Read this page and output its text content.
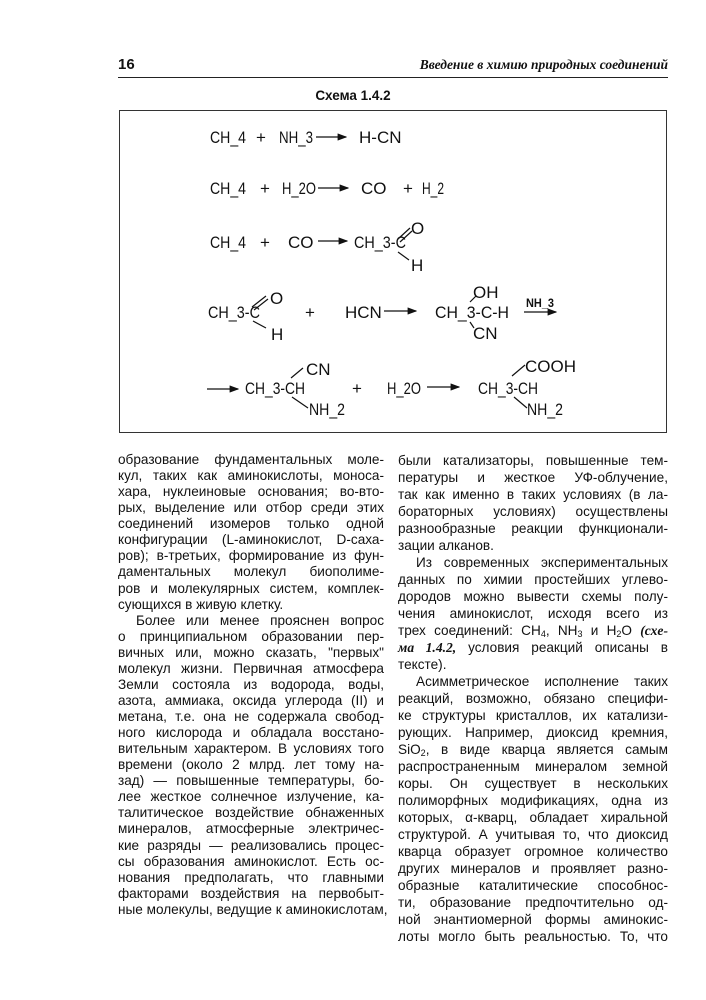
16	Введение в химию природных соединений
Схема 1.4.2
CH_4 + NH_3	H-CN
CH_4 + H_2O	CO + H_2
CH_4 + CO CH_3-C
O
H
CH_3-C
O
H
+ HCN	CH_3-C-H
OH
CN
NH_3
CH_3-CH
CN
NH_2
+ H_2O	CH_3-CH
COOH
NH_2
образование фундаментальных моле-
кул, таких как аминокислоты, моноса-
хара, нуклеиновые основания; во-вто-
рых, выделение или отбор среди этих
соединений изомеров только одной
конфигурации (L-аминокислот, D-саха-
ров); в-третьих, формирование из фун-
даментальных молекул биополиме-
ров и молекулярных систем, комплек-
сующихся в живую клетку.
Более или менее прояснен вопрос
о принципиальном образовании пер-
вичных или, можно сказать, "первых"
молекул жизни. Первичная атмосфера
Земли состояла из водорода, воды,
азота, аммиака, оксида углерода (II) и
метана, т.е. она не содержала свобод-
ного кислорода и обладала восстано-
вительным характером. В условиях того
времени (около 2 млрд. лет тому на-
зад) — повышенные температуры, бо-
лее жесткое солнечное излучение, ка-
талитическое воздействие обнаженных
минералов, атмосферные электричес-
кие разряды — реализовались процес-
сы образования аминокислот. Есть ос-
нования предполагать, что главными
факторами воздействия на первобыт-
ные молекулы, ведущие к аминокислотам,
были катализаторы, повышенные тем-
пературы и жесткое УФ-облучение,
так как именно в таких условиях (в ла-
бораторных условиях) осуществлены
разнообразные реакции функционали-
зации алканов.
Из современных экспериментальных
данных по химии простейших углево-
дородов можно вывести схемы полу-
чения аминокислот, исходя всего из
трех соединений: $CH_4$, $NH_3$ и $H_2O$ (схе-
ма 1.4.2, условия реакций описаны в
тексте).
Асимметрическое исполнение таких
реакций, возможно, обязано специфи-
ке структуры кристаллов, их катализи-
рующих. Например, диоксид кремния,
SiO$_2$, в виде кварца является самым
распространенным минералом земной
коры. Он существует в нескольких
полиморфных модификациях, одна из
которых, α-кварц, обладает хиральной
структурой. А учитывая то, что диоксид
кварца образует огромное количество
других минералов и проявляет разно-
образные каталитические способнос-
ти, образование предпочтительно од-
ной энантиомерной формы аминокис-
лоты могло быть реальностью. То, что
